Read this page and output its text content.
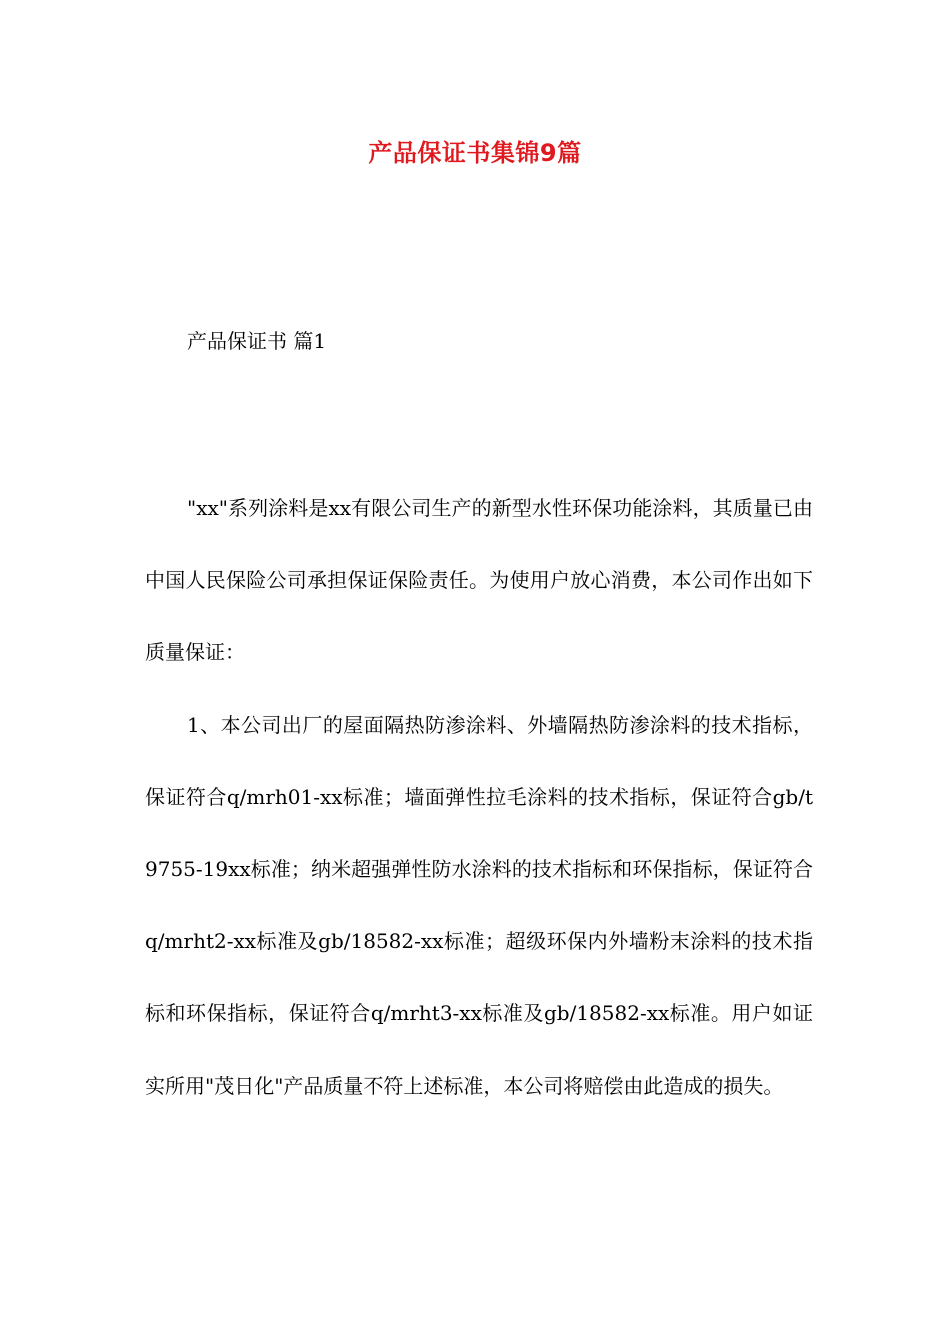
产品保证书集锦9篇
产品保证书 篇1

"xx"系列涂料是xx有限公司生产的新型水性环保功能涂料，其质量已由中国人民保险公司承担保证保险责任。为使用户放心消费，本公司作出如下质量保证：

1、本公司出厂的屋面隔热防渗涂料、外墙隔热防渗涂料的技术指标，保证符合q/mrh01-xx标准；墙面弹性拉毛涂料的技术指标，保证符合gb/t9755-19xx标准；纳米超强弹性防水涂料的技术指标和环保指标，保证符合q/mrht2-xx标准及gb/18582-xx标准；超级环保内外墙粉末涂料的技术指标和环保指标，保证符合q/mrht3-xx标准及gb/18582-xx标准。用户如证实所用"茂日化"产品质量不符上述标准，本公司将赔偿由此造成的损失。
